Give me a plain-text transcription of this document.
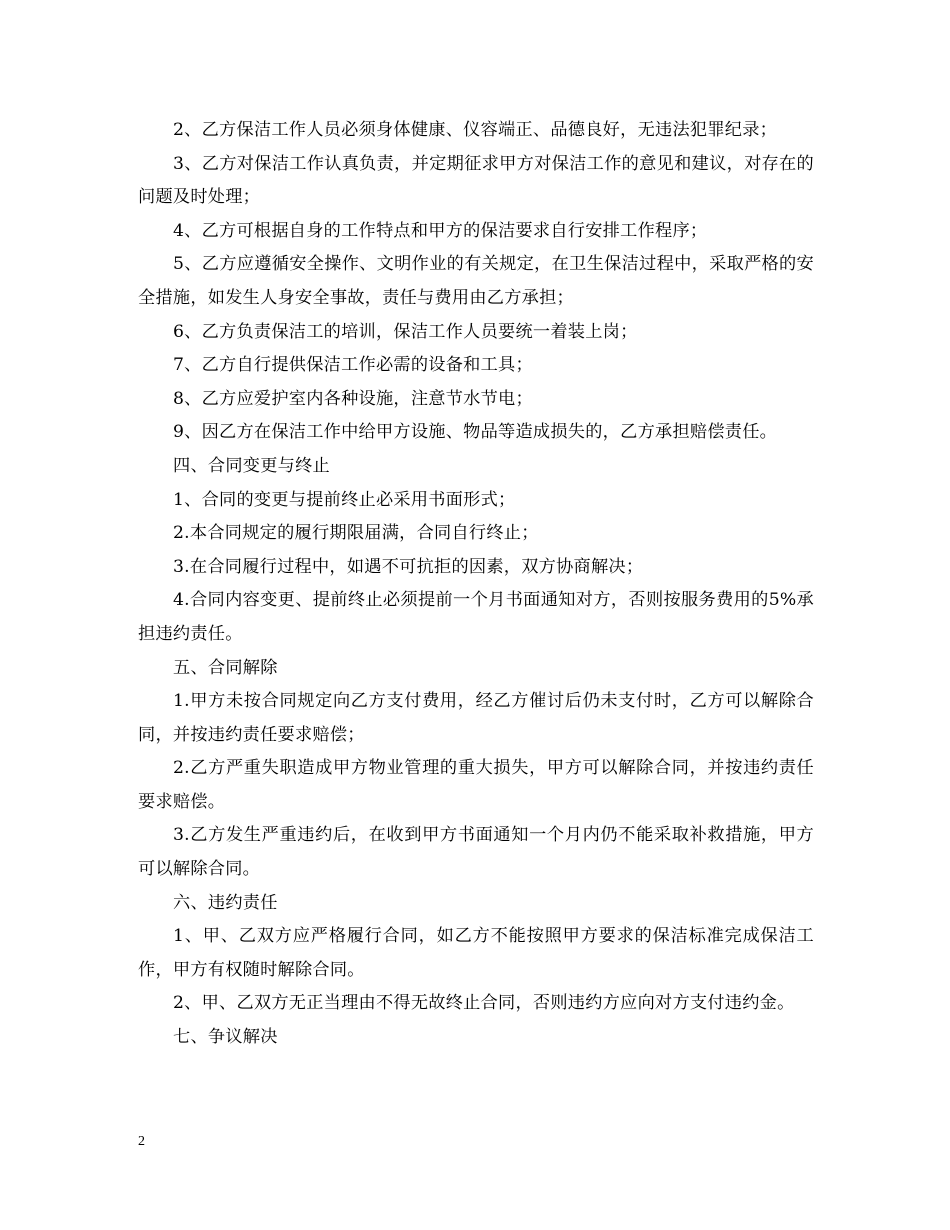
2、乙方保洁工作人员必须身体健康、仪容端正、品德良好，无违法犯罪纪录；

3、乙方对保洁工作认真负责，并定期征求甲方对保洁工作的意见和建议，对存在的问题及时处理；

4、乙方可根据自身的工作特点和甲方的保洁要求自行安排工作程序；

5、乙方应遵循安全操作、文明作业的有关规定，在卫生保洁过程中，采取严格的安全措施，如发生人身安全事故，责任与费用由乙方承担；

6、乙方负责保洁工的培训，保洁工作人员要统一着装上岗；

7、乙方自行提供保洁工作必需的设备和工具；

8、乙方应爱护室内各种设施，注意节水节电；

9、因乙方在保洁工作中给甲方设施、物品等造成损失的，乙方承担赔偿责任。

四、合同变更与终止

1、合同的变更与提前终止必采用书面形式；

2.本合同规定的履行期限届满，合同自行终止；

3.在合同履行过程中，如遇不可抗拒的因素，双方协商解决；

4.合同内容变更、提前终止必须提前一个月书面通知对方，否则按服务费用的5%承担违约责任。

五、合同解除

1.甲方未按合同规定向乙方支付费用，经乙方催讨后仍未支付时，乙方可以解除合同，并按违约责任要求赔偿；

2.乙方严重失职造成甲方物业管理的重大损失，甲方可以解除合同，并按违约责任要求赔偿。

3.乙方发生严重违约后，在收到甲方书面通知一个月内仍不能采取补救措施，甲方可以解除合同。

六、违约责任

1、甲、乙双方应严格履行合同，如乙方不能按照甲方要求的保洁标准完成保洁工作，甲方有权随时解除合同。

2、甲、乙双方无正当理由不得无故终止合同，否则违约方应向对方支付违约金。

七、争议解决

2
